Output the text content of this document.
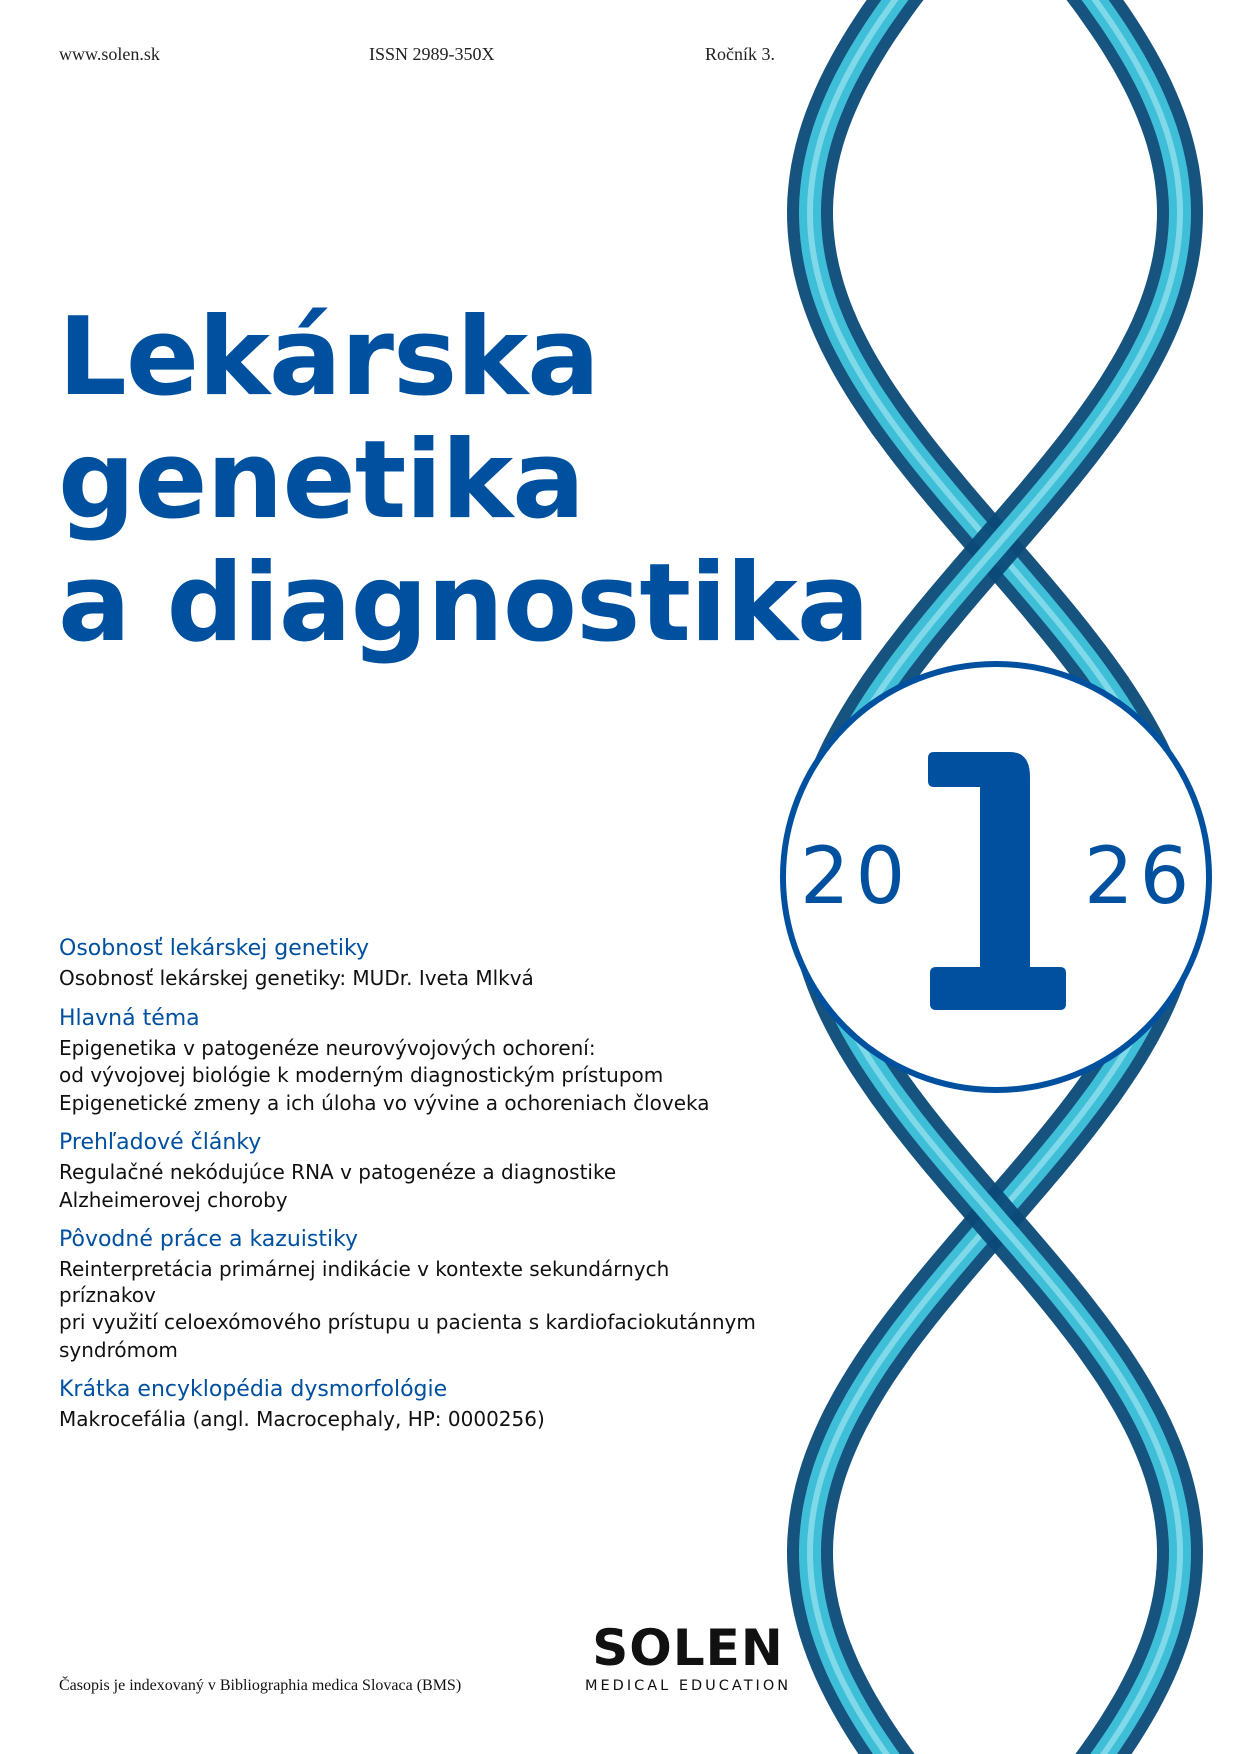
www.solen.sk	ISSN 2989-350X	Ročník 3.
Lekárska
genetika
a diagnostika
20 26
Osobnosť lekárskej genetiky
Osobnosť lekárskej genetiky: MUDr. Iveta Mlkvá
Hlavná téma
Epigenetika v patogenéze neurovývojových ochorení:
od vývojovej biológie k moderným diagnostickým prístupom
Epigenetické zmeny a ich úloha vo vývine a ochoreniach človeka
Prehľadové články
Regulačné nekódujúce RNA v patogenéze a diagnostike
Alzheimerovej choroby
Pôvodné práce a kazuistiky
Reinterpretácia primárnej indikácie v kontexte sekundárnych príznakov
pri využití celoexómového prístupu u pacienta s kardiofaciokutánnym
syndrómom
Krátka encyklopédia dysmorfológie
Makrocefália (angl. Macrocephaly, HP: 0000256)
Časopis je indexovaný v Bibliographia medica Slovaca (BMS)
SOLEN
MEDICAL EDUCATION
